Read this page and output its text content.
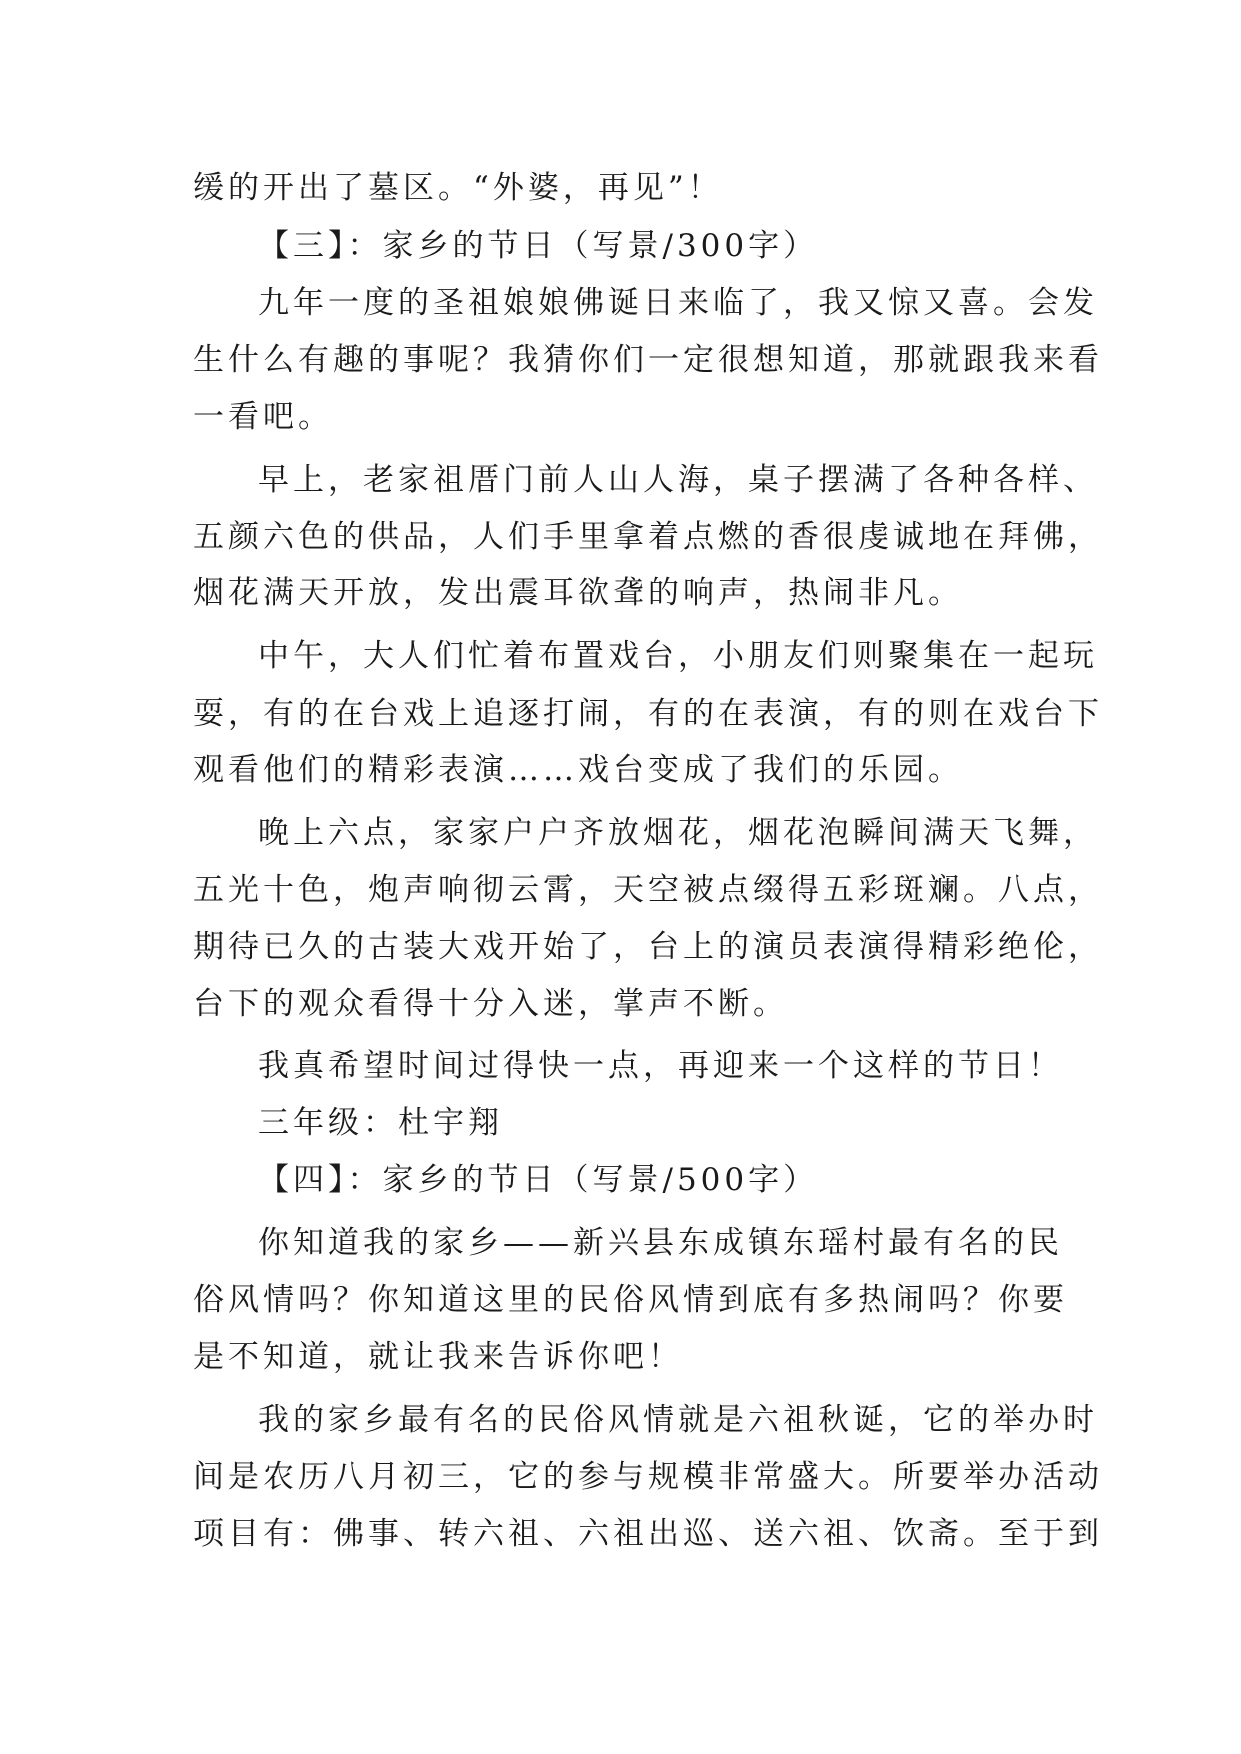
缓的开出了墓区。“外婆，再见”！
【三】：家乡的节日（写景/300字）
九年一度的圣祖娘娘佛诞日来临了，我又惊又喜。会发
生什么有趣的事呢？我猜你们一定很想知道，那就跟我来看
一看吧。
早上，老家祖厝门前人山人海，桌子摆满了各种各样、
五颜六色的供品，人们手里拿着点燃的香很虔诚地在拜佛，
烟花满天开放，发出震耳欲聋的响声，热闹非凡。
中午，大人们忙着布置戏台，小朋友们则聚集在一起玩
耍，有的在台戏上追逐打闹，有的在表演，有的则在戏台下
观看他们的精彩表演……戏台变成了我们的乐园。
晚上六点，家家户户齐放烟花，烟花泡瞬间满天飞舞，
五光十色，炮声响彻云霄，天空被点缀得五彩斑斓。八点，
期待已久的古装大戏开始了，台上的演员表演得精彩绝伦，
台下的观众看得十分入迷，掌声不断。
我真希望时间过得快一点，再迎来一个这样的节日！
三年级：杜宇翔
【四】：家乡的节日（写景/500字）
你知道我的家乡——新兴县东成镇东瑶村最有名的民
俗风情吗？你知道这里的民俗风情到底有多热闹吗？你要
是不知道，就让我来告诉你吧！
我的家乡最有名的民俗风情就是六祖秋诞，它的举办时
间是农历八月初三，它的参与规模非常盛大。所要举办活动
项目有：佛事、转六祖、六祖出巡、送六祖、饮斋。至于到
